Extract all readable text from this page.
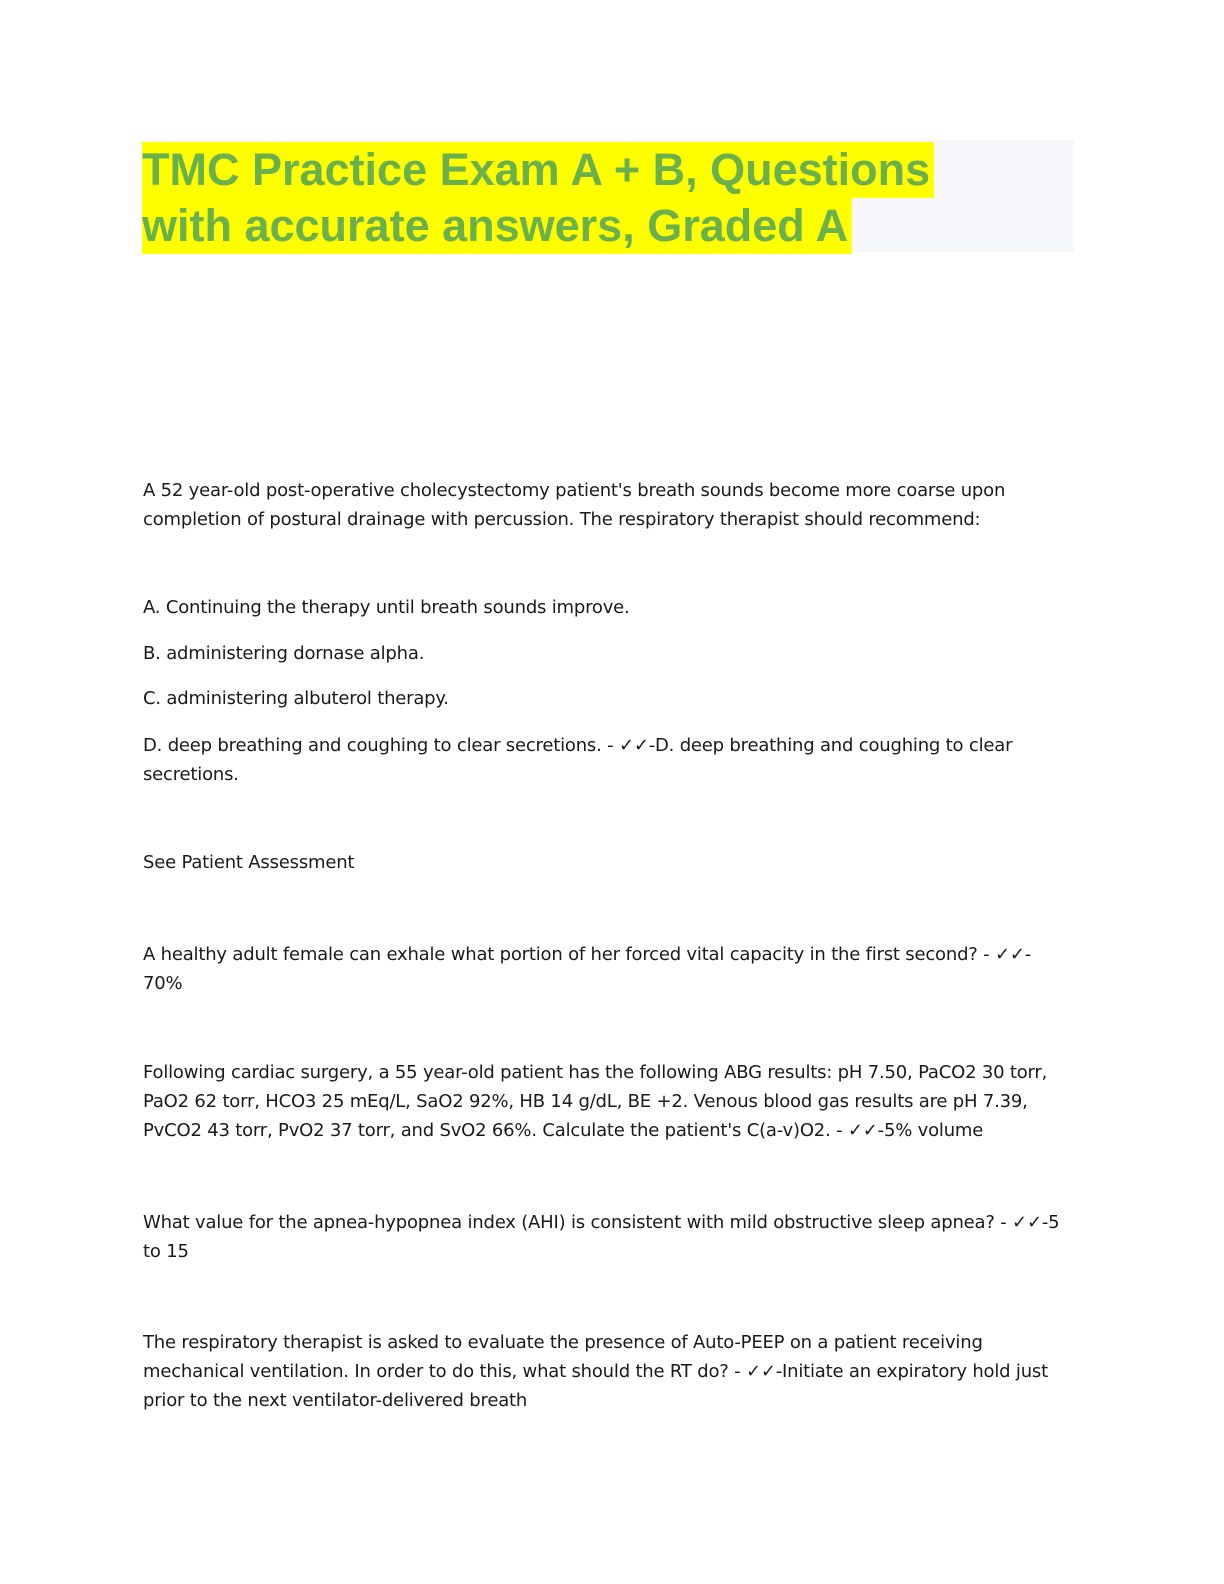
TMC Practice Exam A + B, Questions
with accurate answers, Graded A
A 52 year-old post-operative cholecystectomy patient's breath sounds become more coarse upon
completion of postural drainage with percussion. The respiratory therapist should recommend:
A. Continuing the therapy until breath sounds improve.
B. administering dornase alpha.
C. administering albuterol therapy.
D. deep breathing and coughing to clear secretions. - ✓✓-D. deep breathing and coughing to clear
secretions.
See Patient Assessment
A healthy adult female can exhale what portion of her forced vital capacity in the first second? - ✓✓-
70%
Following cardiac surgery, a 55 year-old patient has the following ABG results: pH 7.50, PaCO2 30 torr,
PaO2 62 torr, HCO3 25 mEq/L, SaO2 92%, HB 14 g/dL, BE +2. Venous blood gas results are pH 7.39,
PvCO2 43 torr, PvO2 37 torr, and SvO2 66%. Calculate the patient's C(a-v)O2. - ✓✓-5% volume
What value for the apnea-hypopnea index (AHI) is consistent with mild obstructive sleep apnea? - ✓✓-5
to 15
The respiratory therapist is asked to evaluate the presence of Auto-PEEP on a patient receiving
mechanical ventilation. In order to do this, what should the RT do? - ✓✓-Initiate an expiratory hold just
prior to the next ventilator-delivered breath
